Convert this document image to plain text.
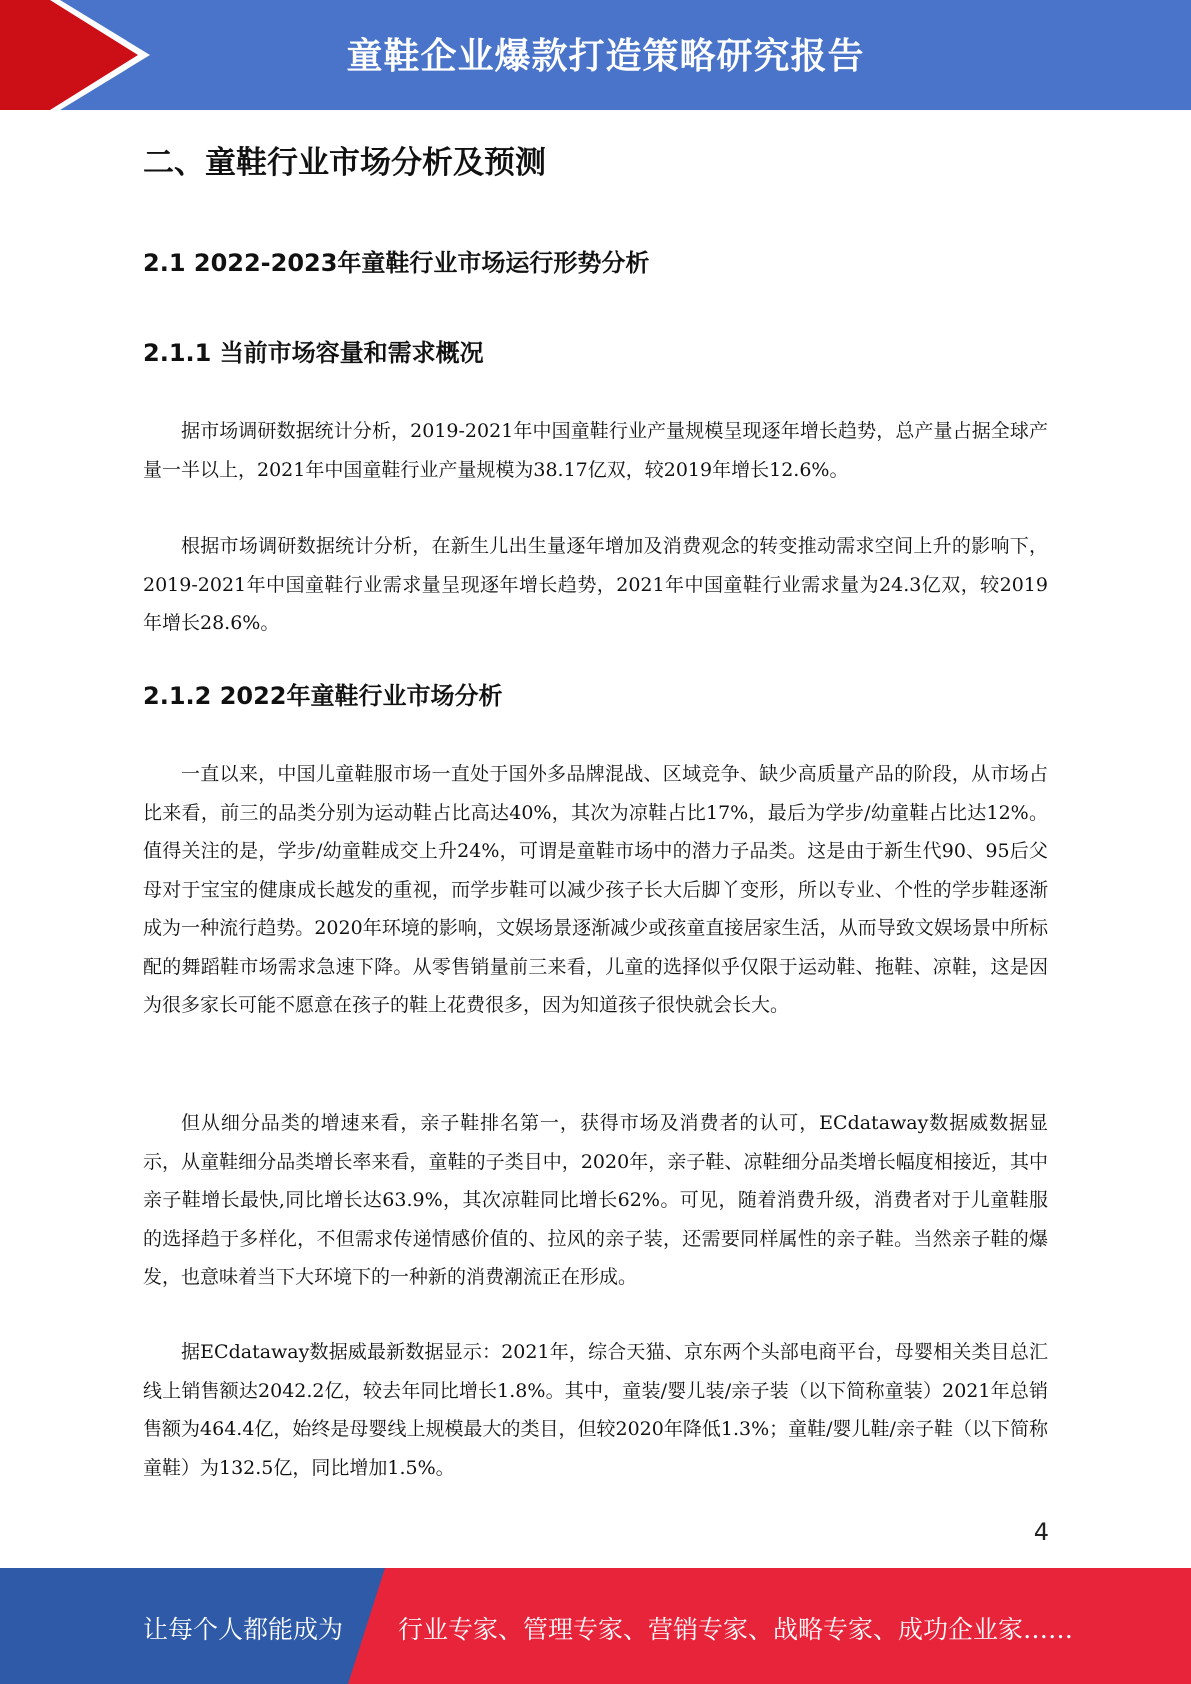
童鞋企业爆款打造策略研究报告
二、童鞋行业市场分析及预测
2.1 2022-2023年童鞋行业市场运行形势分析
2.1.1 当前市场容量和需求概况

据市场调研数据统计分析，2019-2021年中国童鞋行业产量规模呈现逐年增长趋势，总产量占据全球产量一半以上，2021年中国童鞋行业产量规模为38.17亿双，较2019年增长12.6%。

根据市场调研数据统计分析，在新生儿出生量逐年增加及消费观念的转变推动需求空间上升的影响下，2019-2021年中国童鞋行业需求量呈现逐年增长趋势，2021年中国童鞋行业需求量为24.3亿双，较2019年增长28.6%。

2.1.2 2022年童鞋行业市场分析

一直以来，中国儿童鞋服市场一直处于国外多品牌混战、区域竞争、缺少高质量产品的阶段，从市场占比来看，前三的品类分别为运动鞋占比高达40%，其次为凉鞋占比17%，最后为学步/幼童鞋占比达12%。值得关注的是，学步/幼童鞋成交上升24%，可谓是童鞋市场中的潜力子品类。这是由于新生代90、95后父母对于宝宝的健康成长越发的重视，而学步鞋可以减少孩子长大后脚丫变形，所以专业、个性的学步鞋逐渐成为一种流行趋势。2020年环境的影响，文娱场景逐渐减少或孩童直接居家生活，从而导致文娱场景中所标配的舞蹈鞋市场需求急速下降。从零售销量前三来看，儿童的选择似乎仅限于运动鞋、拖鞋、凉鞋，这是因为很多家长可能不愿意在孩子的鞋上花费很多，因为知道孩子很快就会长大。

但从细分品类的增速来看，亲子鞋排名第一，获得市场及消费者的认可，ECdataway数据威数据显示，从童鞋细分品类增长率来看，童鞋的子类目中，2020年，亲子鞋、凉鞋细分品类增长幅度相接近，其中亲子鞋增长最快,同比增长达63.9%，其次凉鞋同比增长62%。可见，随着消费升级，消费者对于儿童鞋服的选择趋于多样化，不但需求传递情感价值的、拉风的亲子装，还需要同样属性的亲子鞋。当然亲子鞋的爆发，也意味着当下大环境下的一种新的消费潮流正在形成。

据ECdataway数据威最新数据显示：2021年，综合天猫、京东两个头部电商平台，母婴相关类目总汇线上销售额达2042.2亿，较去年同比增长1.8%。其中，童装/婴儿装/亲子装（以下简称童装）2021年总销售额为464.4亿，始终是母婴线上规模最大的类目，但较2020年降低1.3%；童鞋/婴儿鞋/亲子鞋（以下简称童鞋）为132.5亿，同比增加1.5%。

4
让每个人都能成为 行业专家、管理专家、营销专家、战略专家、成功企业家……
